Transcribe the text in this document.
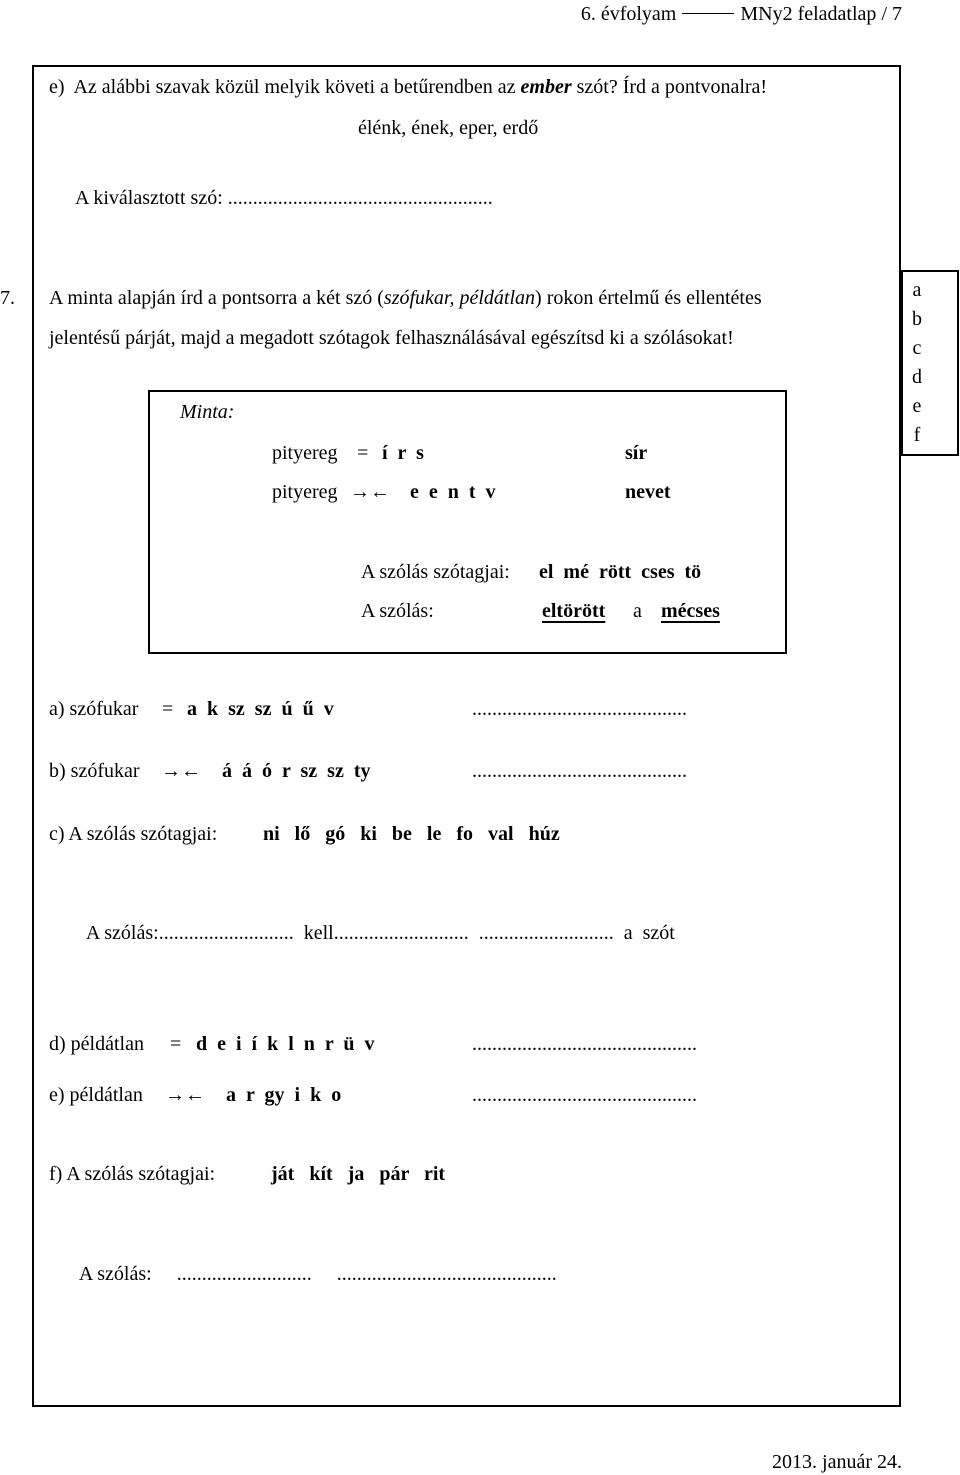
6. évfolyam	MNy2 feladatlap / 7
e) Az alábbi szavak közül melyik követi a betűrendben az ember szót? Írd a pontvonalra!
élénk, ének, eper, erdő
A kiválasztott szó: .....................................................
7. A minta alapján írd a pontsorra a két szó (szófukar, példátlan) rokon értelmű és ellentétes
jelentésű párját, majd a megadott szótagok felhasználásával egészítsd ki a szólásokat!
a
b
c
d
e
f
Minta:
pityereg = í  r  s	sír
pityereg →← e  e  n  t  v	nevet
A szólás szótagjai: el  mé  rött  cses  tö
A szólás:	eltörött a mécses
a) szófukar = a  k  sz  sz  ú  ű  v	...........................................
b) szófukar →← á  á  ó  r  sz  sz  ty	...........................................
c) A szólás szótagjai: ni   lő   gó   ki   be   le   fo   val   húz

A szólás:........................... kell........................... ........................... a  szót

d) példátlan = d  e  i  í  k  l  n  r  ü  v	.............................................
e) példátlan →← a  r  gy  i  k  o	.............................................
f) A szólás szótagjai:	ját   kít   ja   pár   rit

A szólás: ........................... ............................................

2013. január 24.
